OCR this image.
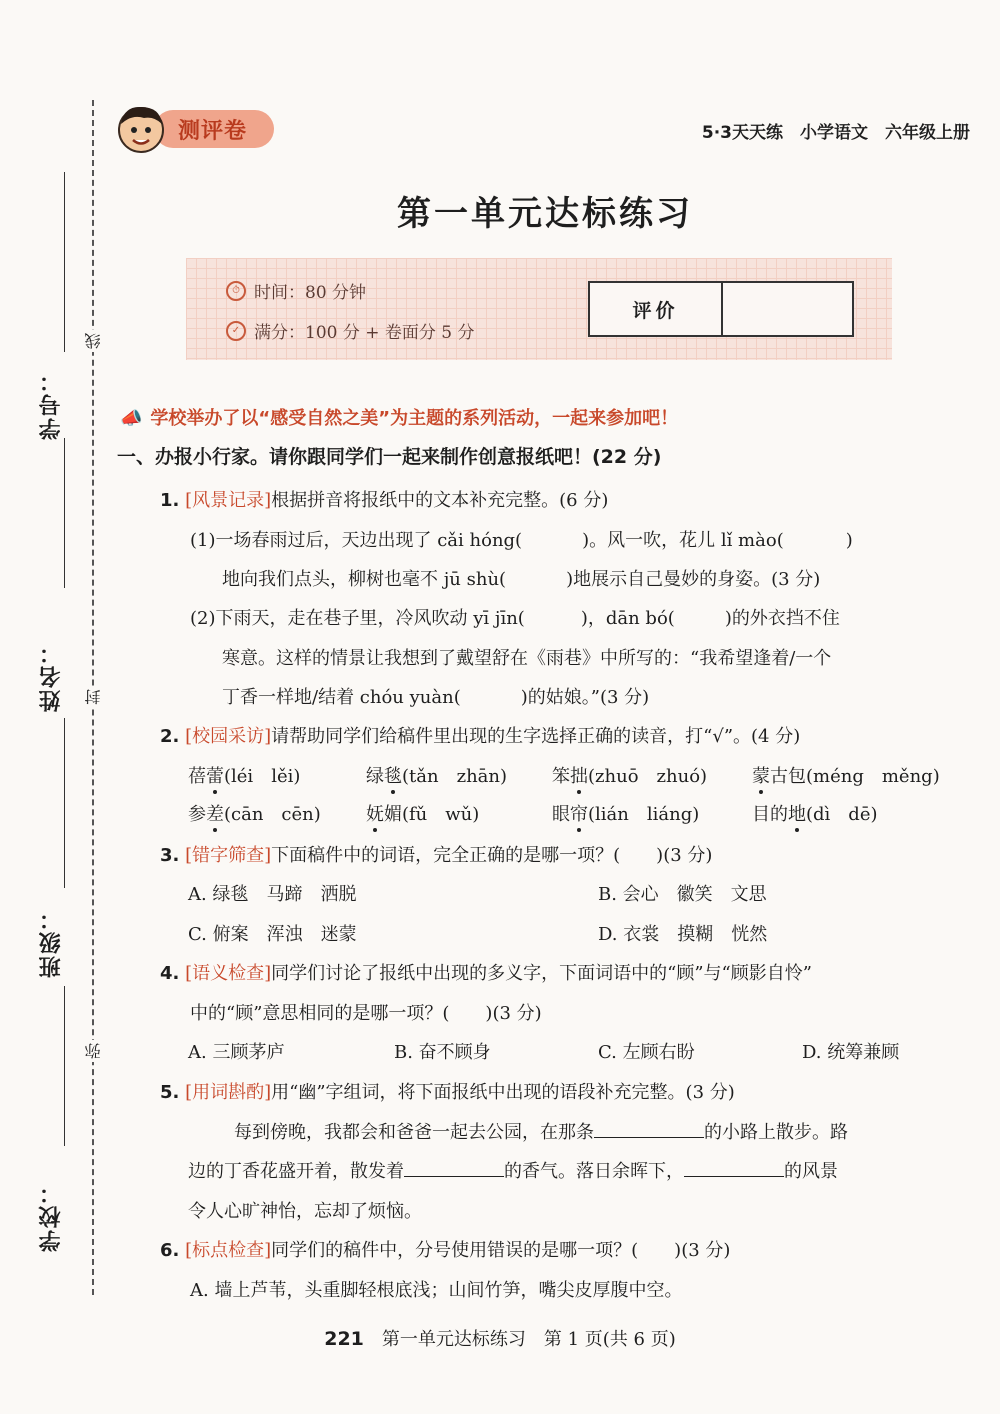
学号：
姓名：
班级：
学校：
线
封
弥
测评卷	5·3天天练　小学语文　六年级上册
第一单元达标练习
⏱ 时间：80 分钟
✓ 满分：100 分 + 卷面分 5 分
评价
📣 学校举办了以“感受自然之美”为主题的系列活动，一起来参加吧！
一、办报小行家。请你跟同学们一起来制作创意报纸吧！(22 分)
1. [风景记录]根据拼音将报纸中的文本补充完整。(6 分)
(1)一场春雨过后，天边出现了 cǎi hóng(	)。风一吹，花儿 lǐ mào(	)
地向我们点头，柳树也毫不 jū shù(	)地展示自己曼妙的身姿。(3 分)
(2)下雨天，走在巷子里，冷风吹动 yī jīn(	)，dān bó(	)的外衣挡不住
寒意。这样的情景让我想到了戴望舒在《雨巷》中所写的：“我希望逢着/一个
丁香一样地/结着 chóu yuàn(	)的姑娘。”(3 分)
2. [校园采访]请帮助同学们给稿件里出现的生字选择正确的读音，打“√”。(4 分)
蓓蕾(léi　lěi)	绿毯(tǎn　zhān) 笨拙(zhuō　zhuó) 蒙古包(méng　měng)
参差(cān　cēn)	妩媚(fǔ　wǔ)	眼帘(lián　liáng)	目的地(dì　dē)
3. [错字筛查]下面稿件中的词语，完全正确的是哪一项？(　　)(3 分)
A. 绿毯　马蹄　洒脱	B. 会心　徽笑　文思
C. 俯案　浑浊　迷蒙	D. 衣裳　摸糊　恍然
4. [语义检查]同学们讨论了报纸中出现的多义字，下面词语中的“顾”与“顾影自怜”
中的“顾”意思相同的是哪一项？(　　)(3 分)
A. 三顾茅庐	B. 奋不顾身	C. 左顾右盼	D. 统筹兼顾
5. [用词斟酌]用“幽”字组词，将下面报纸中出现的语段补充完整。(3 分)
每到傍晚，我都会和爸爸一起去公园，在那条	的小路上散步。路
边的丁香花盛开着，散发着	的香气。落日余晖下，	的风景
令人心旷神怡，忘却了烦恼。
6. [标点检查]同学们的稿件中，分号使用错误的是哪一项？(　　)(3 分)
A. 墙上芦苇，头重脚轻根底浅；山间竹笋，嘴尖皮厚腹中空。
221 第一单元达标练习　第 1 页(共 6 页)
